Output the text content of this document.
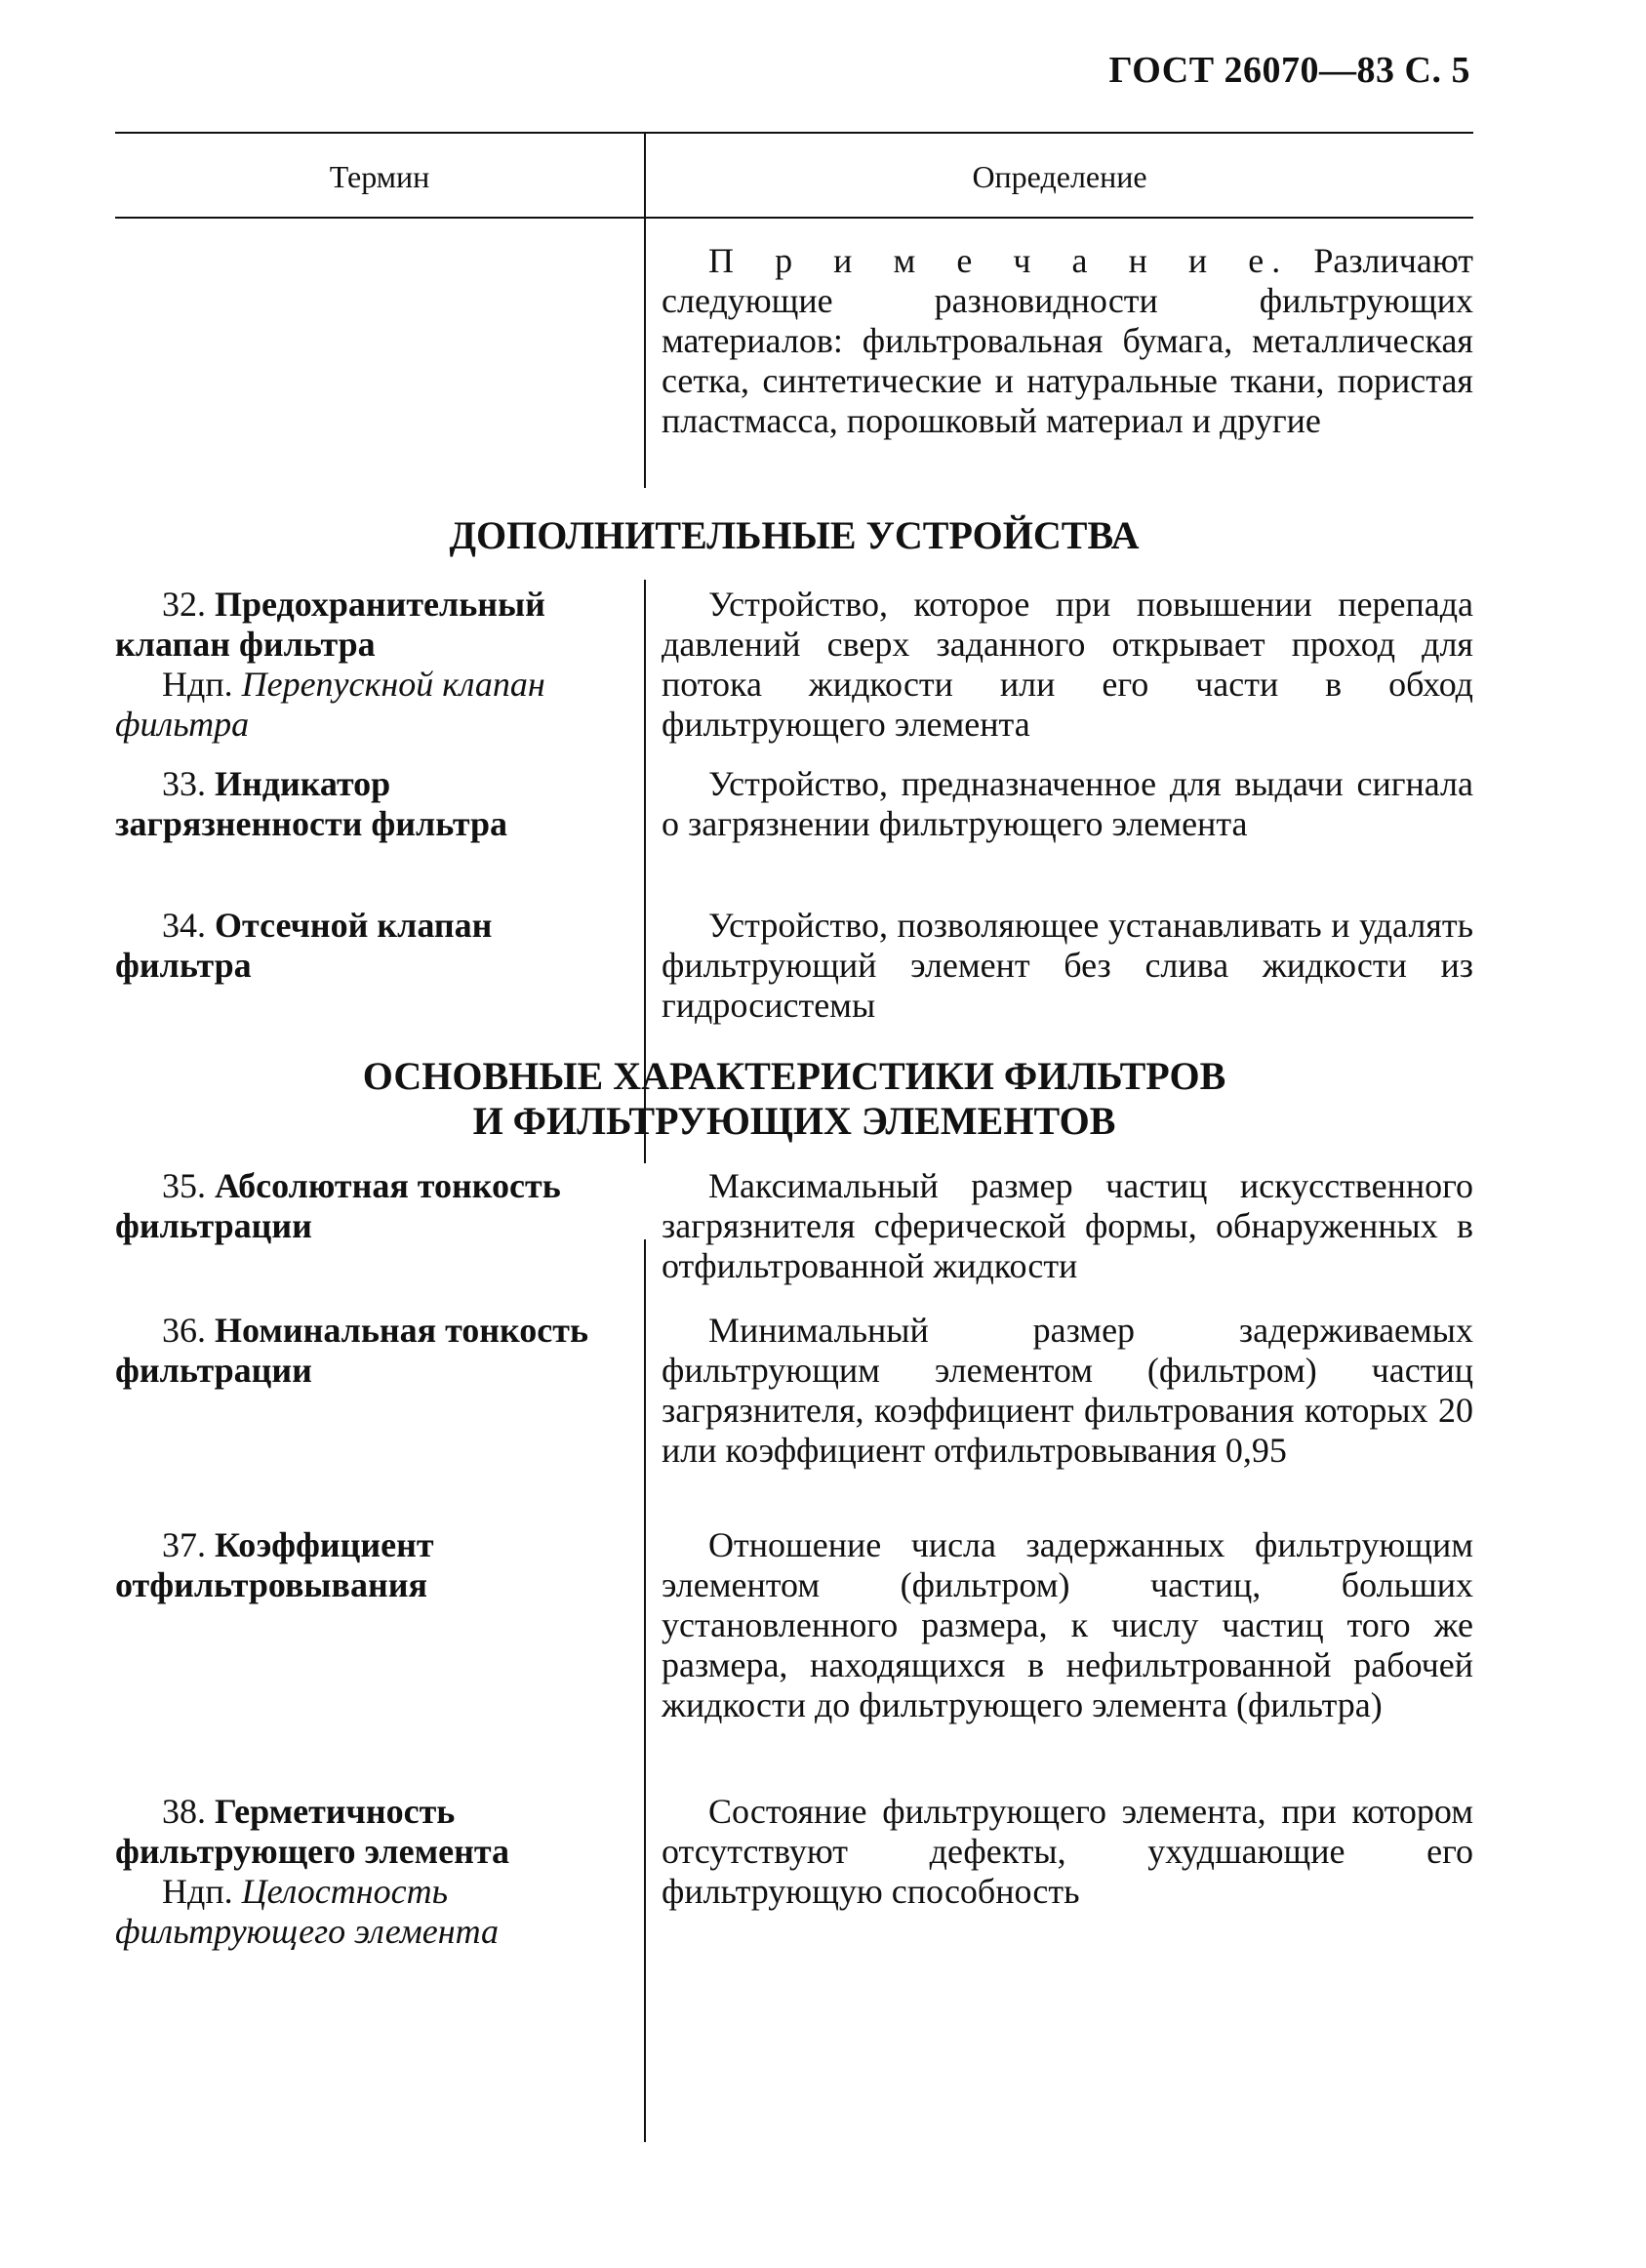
ГОСТ 26070—83 С. 5
Термин	Определение
П р и м е ч а н и е. Различают следующие разновидности фильтрующих материалов: фильтровальная бумага, металлическая сетка, синтетические и натуральные ткани, пористая пластмасса, порошковый материал и другие
ДОПОЛНИТЕЛЬНЫЕ УСТРОЙСТВА
32. Предохранительный клапан фильтра
Ндп. Перепускной клапан фильтра
Устройство, которое при повышении перепада давлений сверх заданного открывает проход для потока жидкости или его части в обход фильтрующего элемента
33. Индикатор загрязненности фильтра
Устройство, предназначенное для выдачи сигнала о загрязнении фильтрующего элемента
34. Отсечной клапан фильтра
Устройство, позволяющее устанавливать и удалять фильтрующий элемент без слива жидкости из гидросистемы
ОСНОВНЫЕ ХАРАКТЕРИСТИКИ ФИЛЬТРОВ
И ФИЛЬТРУЮЩИХ ЭЛЕМЕНТОВ
35. Абсолютная тонкость фильтрации
Максимальный размер частиц искусственного загрязнителя сферической формы, обнаруженных в отфильтрованной жидкости
36. Номинальная тонкость фильтрации
Минимальный размер задерживаемых фильтрующим элементом (фильтром) частиц загрязнителя, коэффициент фильтрования которых 20 или коэффициент отфильтровывания 0,95
37. Коэффициент отфильтровывания
Отношение числа задержанных фильтрующим элементом (фильтром) частиц, больших установленного размера, к числу частиц того же размера, находящихся в нефильтрованной рабочей жидкости до фильтрующего элемента (фильтра)
38. Герметичность фильтрующего элемента
Ндп. Целостность фильтрующего элемента
Состояние фильтрующего элемента, при котором отсутствуют дефекты, ухудшающие его фильтрующую способность
